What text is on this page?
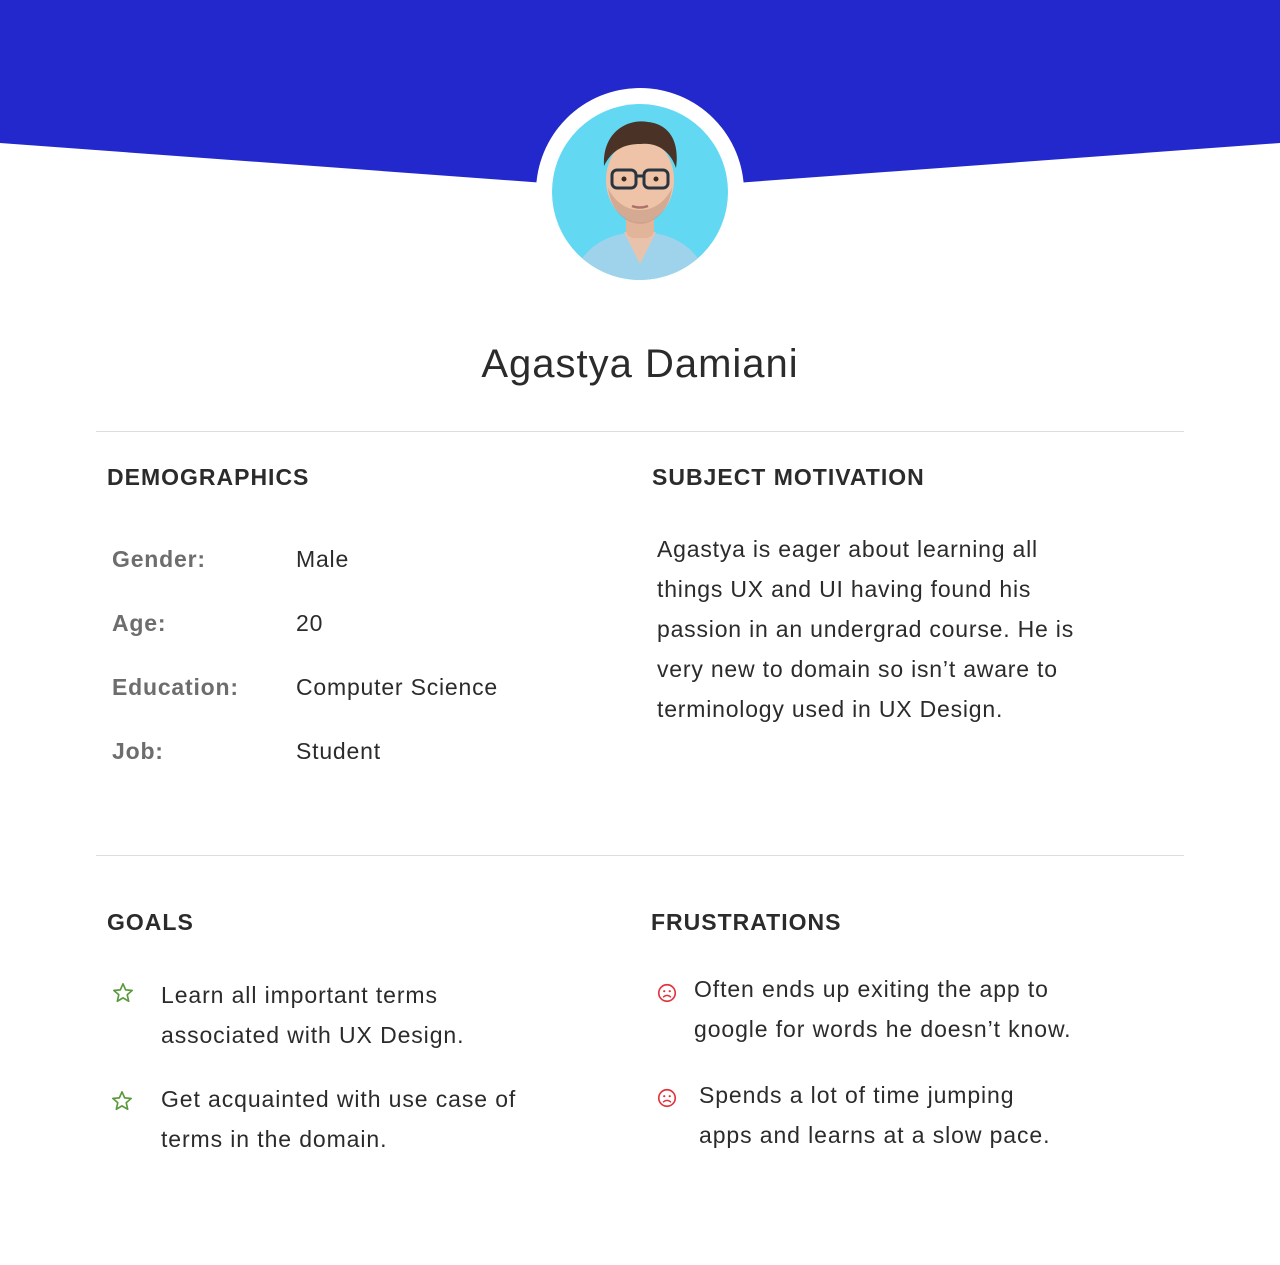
Agastya Damiani
DEMOGRAPHICS
Gender:	Male
Age:	20
Education: Computer Science
Job:	Student
SUBJECT MOTIVATION
Agastya is eager about learning all
things UX and UI having found his
passion in an undergrad course. He is
very new to domain so isn’t aware to
terminology used in UX Design.
GOALS
Learn all important terms
associated with UX Design.
Get acquainted with use case of
terms in the domain.
FRUSTRATIONS
Often ends up exiting the app to
google for words he doesn’t know.
Spends a lot of time jumping
apps and learns at a slow pace.
